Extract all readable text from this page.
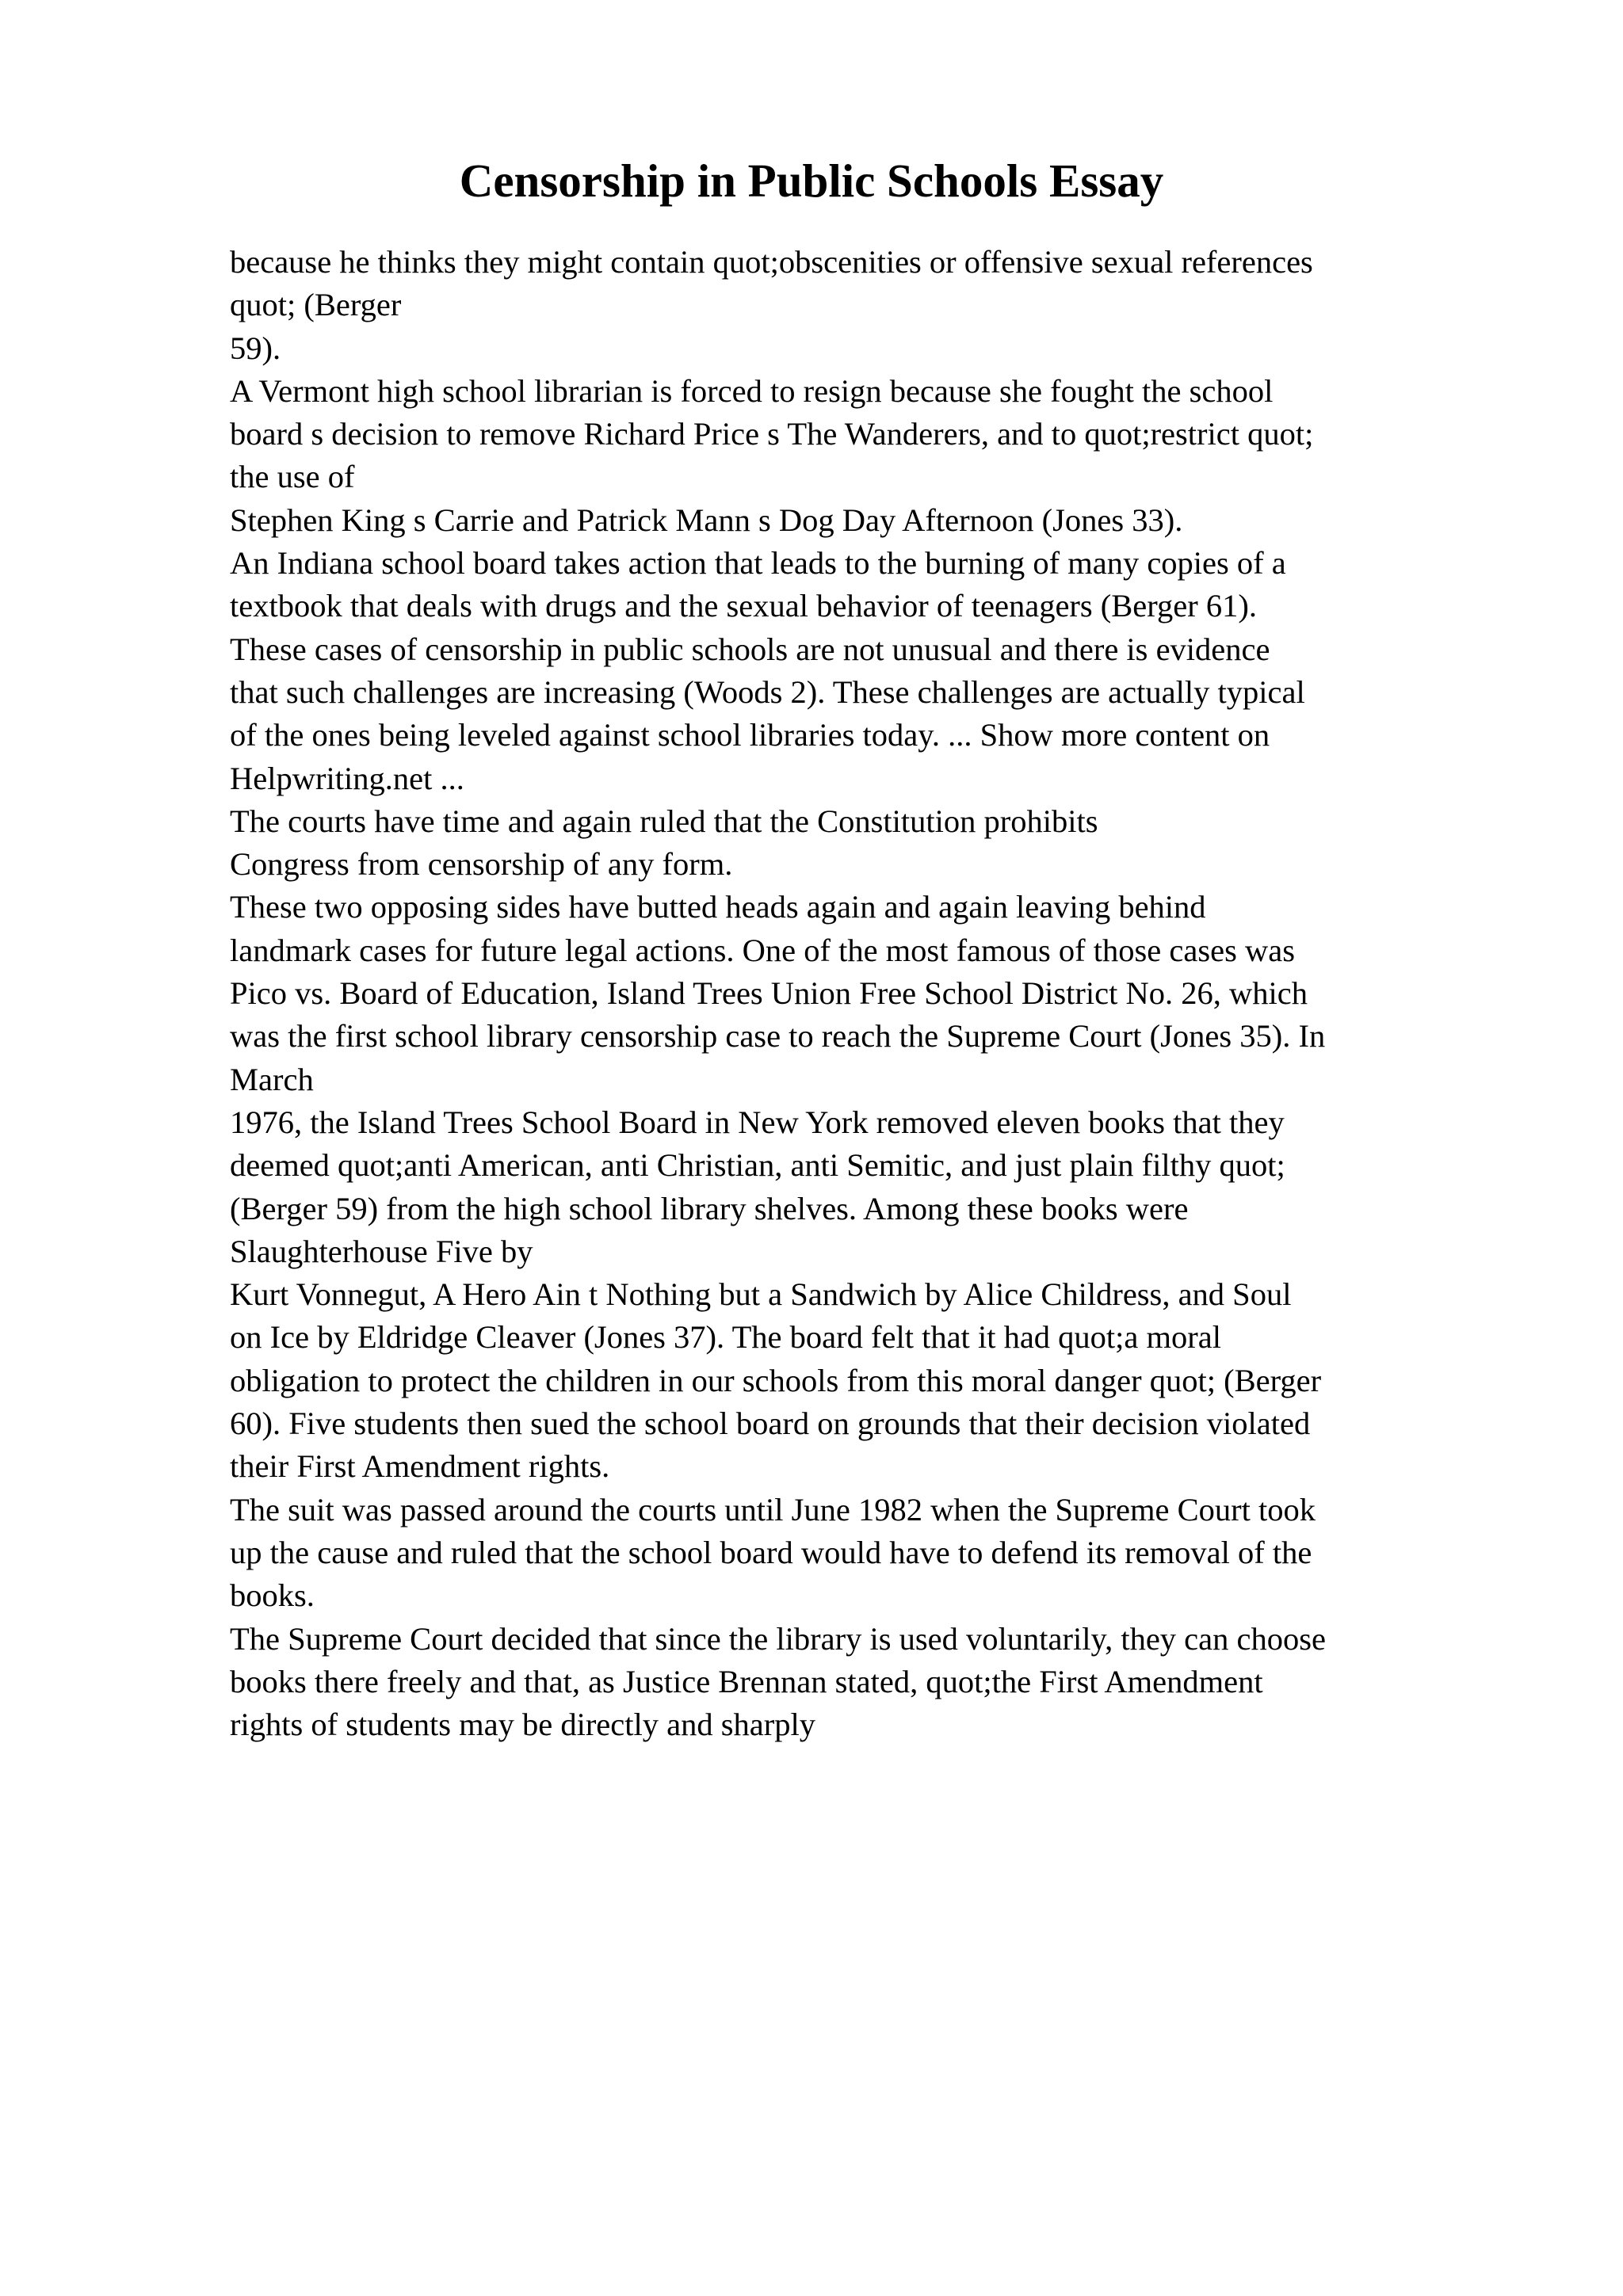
Censorship in Public Schools Essay
because he thinks they might contain quot;obscenities or offensive sexual references
quot; (Berger
59).
A Vermont high school librarian is forced to resign because she fought the school
board s decision to remove Richard Price s The Wanderers, and to quot;restrict quot;
the use of
Stephen King s Carrie and Patrick Mann s Dog Day Afternoon (Jones 33).
An Indiana school board takes action that leads to the burning of many copies of a
textbook that deals with drugs and the sexual behavior of teenagers (Berger 61).
These cases of censorship in public schools are not unusual and there is evidence
that such challenges are increasing (Woods 2). These challenges are actually typical
of the ones being leveled against school libraries today. ... Show more content on
Helpwriting.net ...
The courts have time and again ruled that the Constitution prohibits
Congress from censorship of any form.
These two opposing sides have butted heads again and again leaving behind
landmark cases for future legal actions. One of the most famous of those cases was
Pico vs. Board of Education, Island Trees Union Free School District No. 26, which
was the first school library censorship case to reach the Supreme Court (Jones 35). In
March
1976, the Island Trees School Board in New York removed eleven books that they
deemed quot;anti American, anti Christian, anti Semitic, and just plain filthy quot;
(Berger 59) from the high school library shelves. Among these books were
Slaughterhouse Five by
Kurt Vonnegut, A Hero Ain t Nothing but a Sandwich by Alice Childress, and Soul
on Ice by Eldridge Cleaver (Jones 37). The board felt that it had quot;a moral
obligation to protect the children in our schools from this moral danger quot; (Berger
60). Five students then sued the school board on grounds that their decision violated
their First Amendment rights.
The suit was passed around the courts until June 1982 when the Supreme Court took
up the cause and ruled that the school board would have to defend its removal of the
books.
The Supreme Court decided that since the library is used voluntarily, they can choose
books there freely and that, as Justice Brennan stated, quot;the First Amendment
rights of students may be directly and sharply
